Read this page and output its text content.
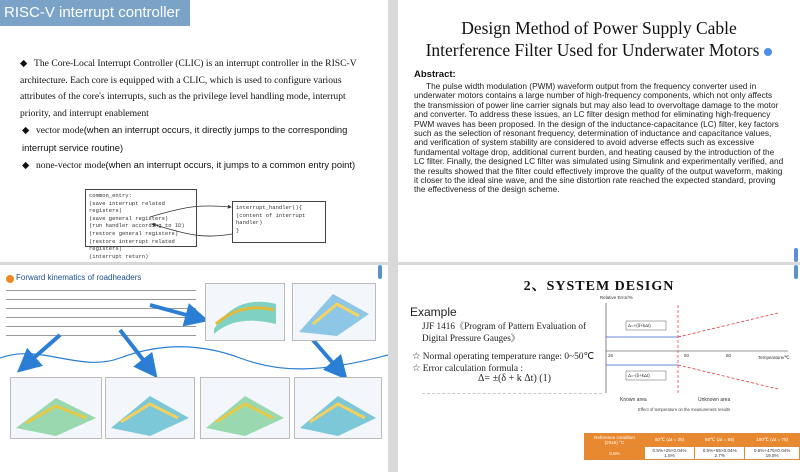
RISC-V interrupt controller
◆ The Core-Local Interrupt Controller (CLIC) is an interrupt controller in the RISC-V architecture. Each core is equipped with a CLIC, which is used to configure various attributes of the core's interrupts, such as the privilege level handling mode, interrupt priority, and interrupt enablement
◆ vector mode(when an interrupt occurs, it directly jumps to the corresponding interrupt service routine)
◆ none-vector mode(when an interrupt occurs, it jumps to a common entry point)
common_entry:
(save interrupt related registers)
(save general registers)
(run handler according to ID)
(restore general registers)
(restore interrupt related registers)
(interrupt return)
interrupt_handler(){
(content of interrupt handler)
}
Design Method of Power Supply Cable
Interference Filter Used for Underwater Motors
Abstract:
The pulse width modulation (PWM) waveform output from the frequency converter used in underwater motors contains a large number of high-frequency components, which not only affects the transmission of power line carrier signals but may also lead to overvoltage damage to the motor and converter. To address these issues, an LC filter design method for eliminating high-frequency PWM waves has been proposed. In the design of the inductance-capacitance (LC) filter, key factors such as the selection of resonant frequency, determination of inductance and capacitance values, and verification of system stability are considered to avoid adverse effects such as excessive fundamental voltage drop, additional current burden, and heating caused by the introduction of the LC filter. Finally, the designed LC filter was simulated using Simulink and experimentally verified, and the results showed that the filter could effectively improve the quality of the output waveform, making it closer to the ideal sine wave, and the sine distortion rate reached the expected standard, proving the effectiveness of the design scheme.
Forward kinematics of roadheaders
2、SYSTEM DESIGN
Example
JJF 1416《Program of Pattern Evaluation of Digital Pressure Gauges》
☆ Normal operating temperature range: 0~50℃
☆ Error calculation formula :
Δ= ±(δ + k Δt) (1)
Relative Error/%
25	50	80	Temperature/℃
Δ=+(δ+kΔt)
Δ=-(δ+kΔt)
Known area	Unknown area
Effect of temperature on the measurement results
Reference condition (20±5) °C	50℃ (Δt = 25)	80℃ (Δt = 55)	100℃ (Δt = 75)
0.5%	0.5%+25×0.04% 1.5%	0.5%+55×0.04% 2.7%	0.5%+475×0.04% 19.5%
